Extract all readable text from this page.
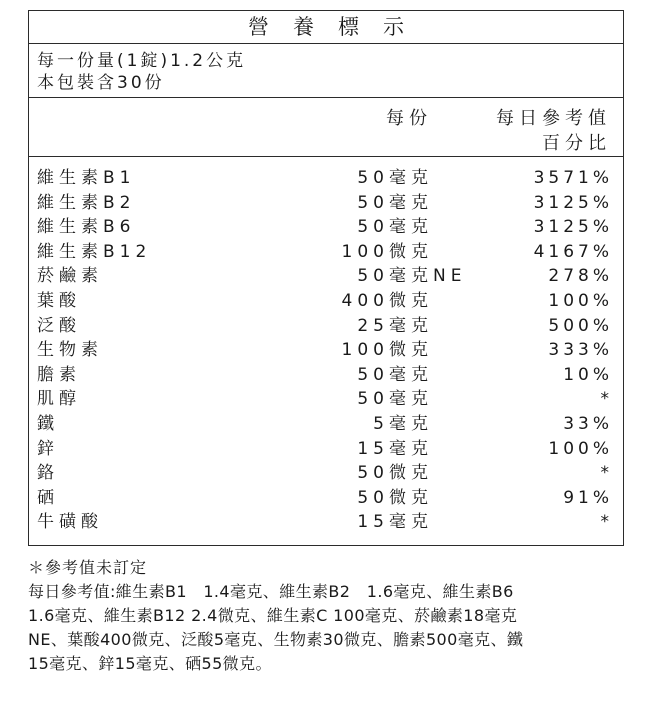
營養標示
每一份量(1錠)1.2公克
本包裝含30份
每份	每日參考值
百分比
維生素B1	50毫克	3571%
維生素B2	50毫克	3125%
維生素B6	50毫克	3125%
維生素B12	100微克	4167%
菸鹼素	50毫克 NE	278%
葉酸	400微克	100%
泛酸	25毫克	500%
生物素	100微克	333%
膽素	50毫克	10%
肌醇	50毫克	*
鐵	5毫克	33%
鋅	15毫克	100%
鉻	50微克	*
硒	50微克	91%
牛磺酸	15毫克	*
＊參考值未訂定
每日參考值:維生素B1　1.4毫克、維生素B2　1.6毫克、維生素B6
1.6毫克、維生素B12 2.4微克、維生素C 100毫克、菸鹼素18毫克
NE、葉酸400微克、泛酸5毫克、生物素30微克、膽素500毫克、鐵
15毫克、鋅15毫克、硒55微克。
